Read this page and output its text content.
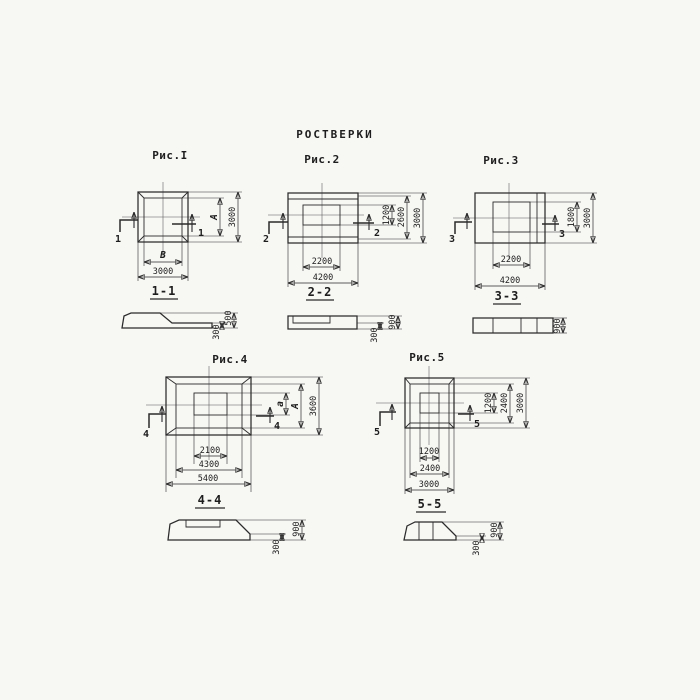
РОСТВЕРКИ
Рис.I
1
1
В
3000
А 3000
1-1
300
500
Рис.2
2
2
1200 2600 3000
2200
4200
2-2
300
900
Рис.3
3	3
1800 3000
2200
4200
3-3
900
Рис.4
4
4
а А 3600
2100
4300
5400
4-4
300
900
Рис.5
5
5
1200 2400 3000
1200
2400
3000
5-5
300
900
